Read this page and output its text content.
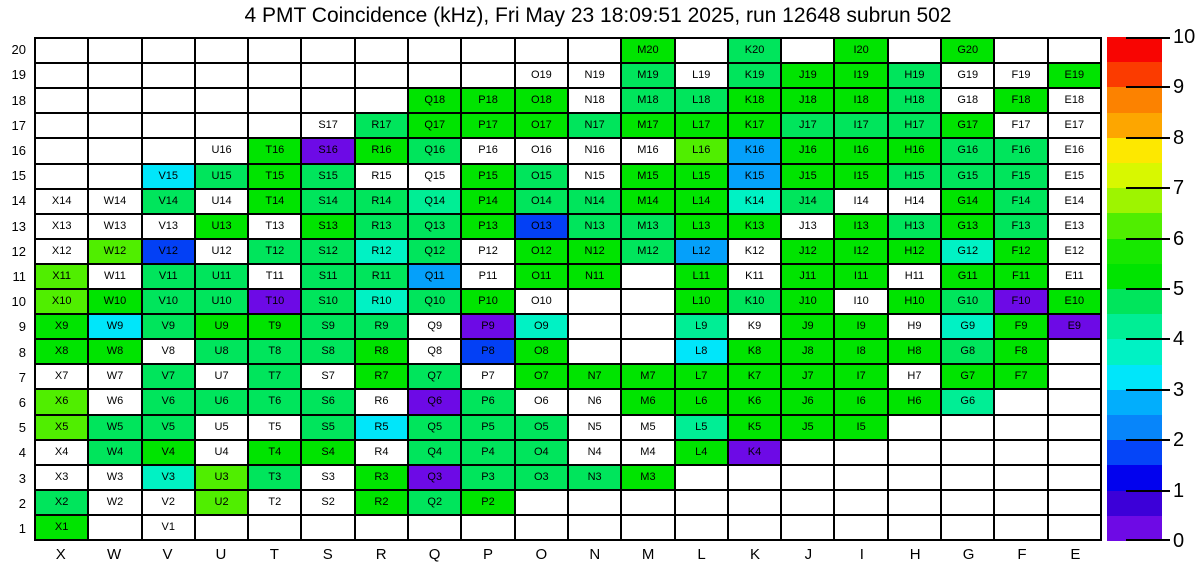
4 PMT Coincidence (kHz), Fri May 23 18:09:51 2025, run 12648 subrun 502
20
19
18
17
16
15
14
13
12
11
10
9
8
7
6
5
4
3
2
1
M20	K20	I20	G20
O19	N19	M19	L19	K19	J19	I19	H19	G19	F19	E19
Q18	P18	O18	N18	M18	L18	K18	J18	I18	H18	G18	F18	E18
S17	R17	Q17	P17	O17	N17	M17	L17	K17	J17	I17	H17	G17	F17	E17
U16	T16	S16	R16	Q16	P16	O16	N16	M16	L16	K16	J16	I16	H16	G16	F16	E16
V15	U15	T15	S15	R15	Q15	P15	O15	N15	M15	L15	K15	J15	I15	H15	G15	F15	E15
X14	W14	V14	U14	T14	S14	R14	Q14	P14	O14	N14	M14	L14	K14	J14	I14	H14	G14	F14	E14
X13	W13	V13	U13	T13	S13	R13	Q13	P13	O13	N13	M13	L13	K13	J13	I13	H13	G13	F13	E13
X12	W12	V12	U12	T12	S12	R12	Q12	P12	O12	N12	M12	L12	K12	J12	I12	H12	G12	F12	E12
X11	W11	V11	U11	T11	S11	R11	Q11	P11	O11	N11	L11	K11	J11	I11	H11	G11	F11	E11
X10	W10	V10	U10	T10	S10	R10	Q10	P10	O10	L10	K10	J10	I10	H10	G10	F10	E10
X9	W9	V9	U9	T9	S9	R9	Q9	P9	O9	L9	K9	J9	I9	H9	G9	F9	E9
X8	W8	V8	U8	T8	S8	R8	Q8	P8	O8	L8	K8	J8	I8	H8	G8	F8
X7	W7	V7	U7	T7	S7	R7	Q7	P7	O7	N7	M7	L7	K7	J7	I7	H7	G7	F7
X6	W6	V6	U6	T6	S6	R6	Q6	P6	O6	N6	M6	L6	K6	J6	I6	H6	G6
X5	W5	V5	U5	T5	S5	R5	Q5	P5	O5	N5	M5	L5	K5	J5	I5
X4	W4	V4	U4	T4	S4	R4	Q4	P4	O4	N4	M4	L4	K4
X3	W3	V3	U3	T3	S3	R3	Q3	P3	O3	N3	M3
X2	W2	V2	U2	T2	S2	R2	Q2	P2
X1	V1
X	W	V	U	T	S	R	Q	P	O	N	M	L	K	J	I	H	G	F	E
0
1
2
3
4
5
6
7
8
9
10
